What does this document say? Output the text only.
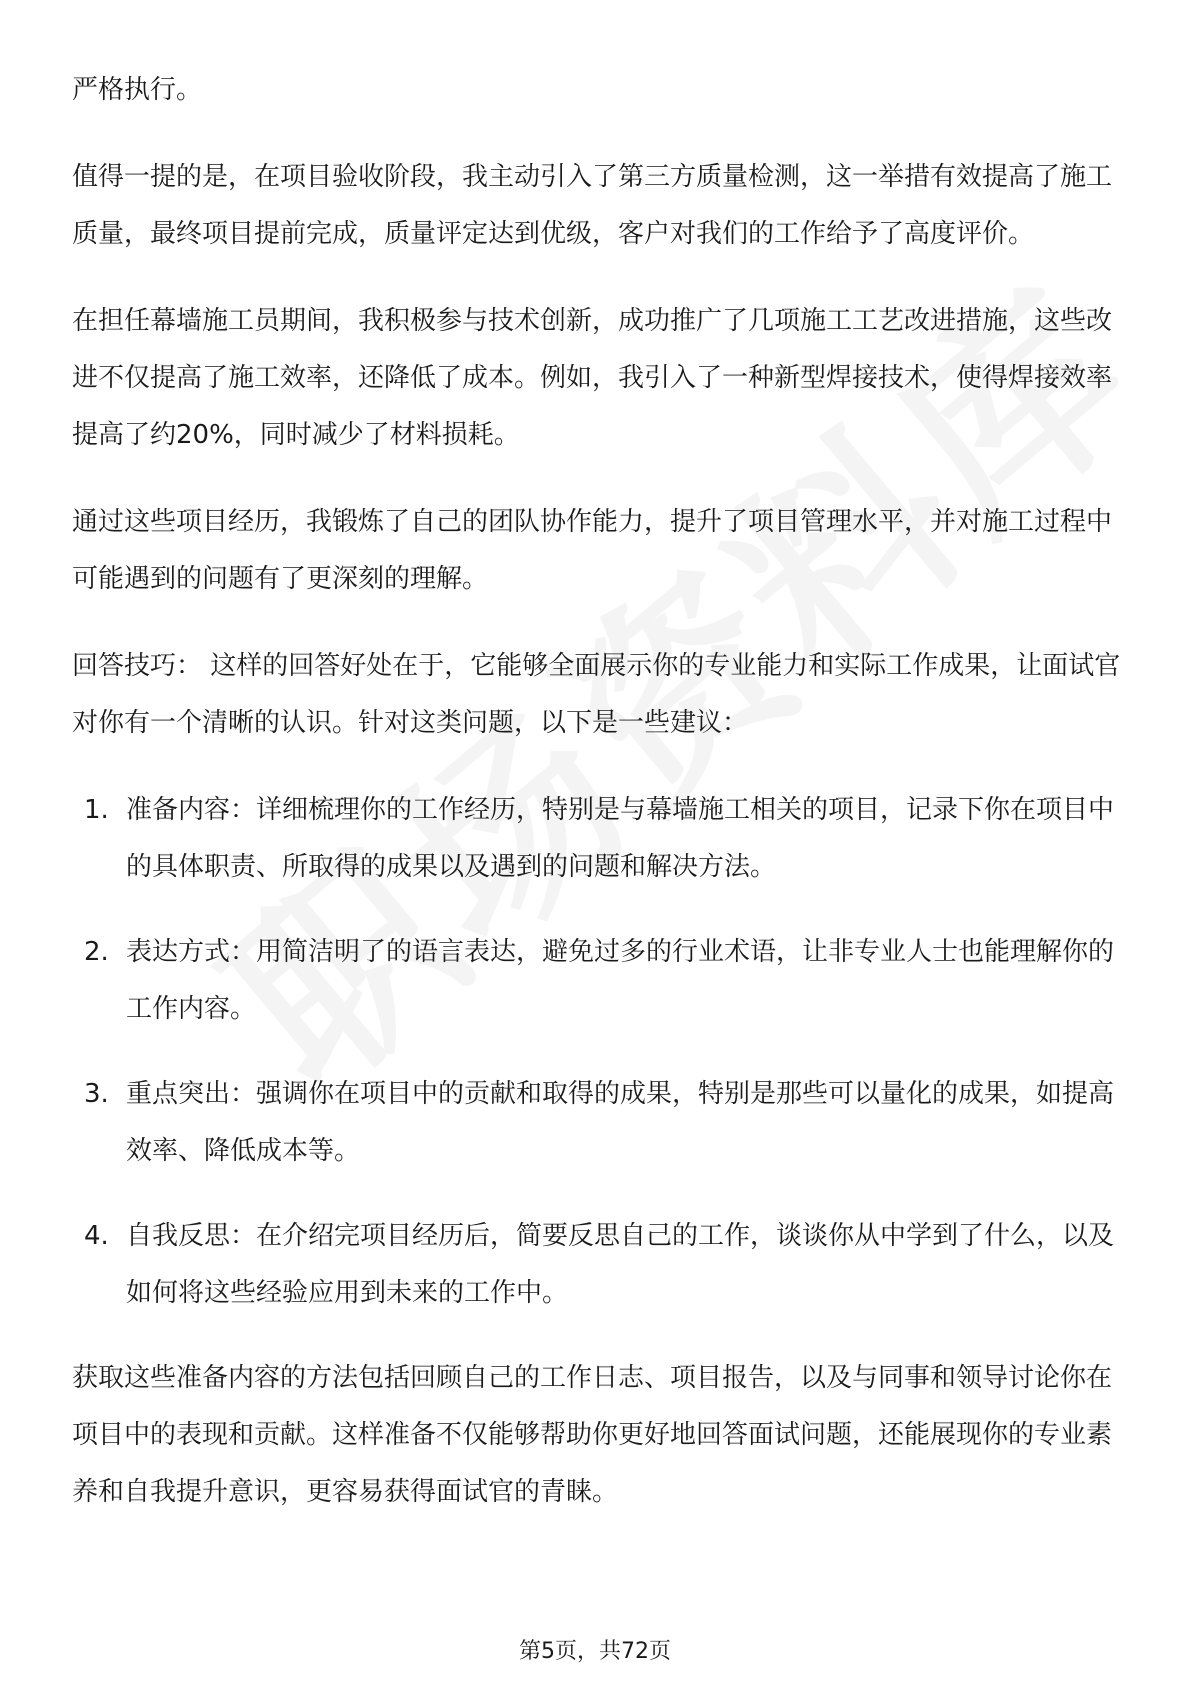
严格执行。

值得一提的是，在项目验收阶段，我主动引入了第三方质量检测，这一举措有效提高了施工质量，最终项目提前完成，质量评定达到优级，客户对我们的工作给予了高度评价。

在担任幕墙施工员期间，我积极参与技术创新，成功推广了几项施工工艺改进措施，这些改进不仅提高了施工效率，还降低了成本。例如，我引入了一种新型焊接技术，使得焊接效率提高了约20%，同时减少了材料损耗。

通过这些项目经历，我锻炼了自己的团队协作能力，提升了项目管理水平，并对施工过程中可能遇到的问题有了更深刻的理解。

回答技巧： 这样的回答好处在于，它能够全面展示你的专业能力和实际工作成果，让面试官对你有一个清晰的认识。针对这类问题，以下是一些建议：

1. 准备内容：详细梳理你的工作经历，特别是与幕墙施工相关的项目，记录下你在项目中的具体职责、所取得的成果以及遇到的问题和解决方法。
2. 表达方式：用简洁明了的语言表达，避免过多的行业术语，让非专业人士也能理解你的工作内容。
3. 重点突出：强调你在项目中的贡献和取得的成果，特别是那些可以量化的成果，如提高效率、降低成本等。
4. 自我反思：在介绍完项目经历后，简要反思自己的工作，谈谈你从中学到了什么，以及如何将这些经验应用到未来的工作中。

获取这些准备内容的方法包括回顾自己的工作日志、项目报告，以及与同事和领导讨论你在项目中的表现和贡献。这样准备不仅能够帮助你更好地回答面试问题，还能展现你的专业素养和自我提升意识，更容易获得面试官的青睐。

第5页，共72页
